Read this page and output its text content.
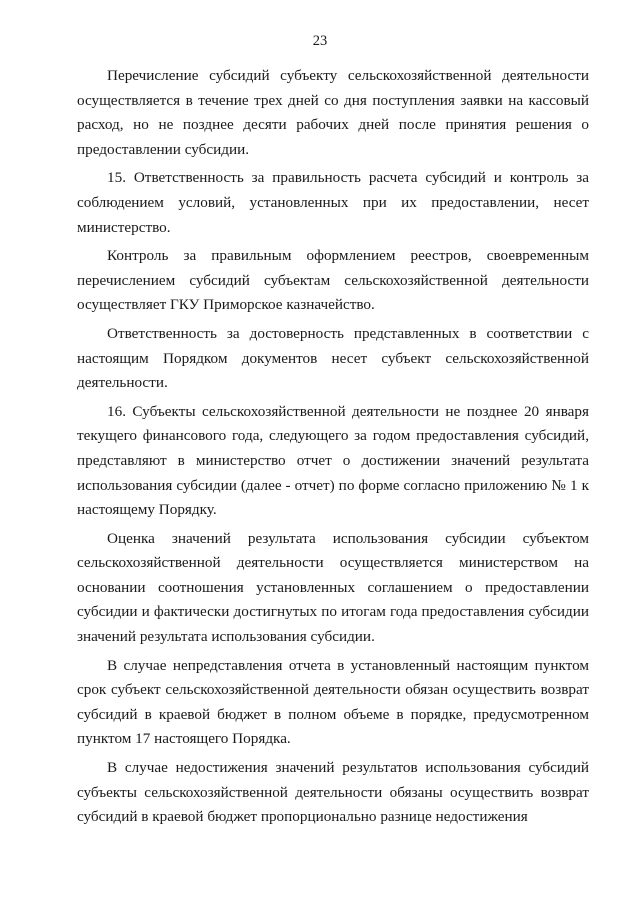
23

Перечисление субсидий субъекту сельскохозяйственной деятельности осуществляется в течение трех дней со дня поступления заявки на кассовый расход, но не позднее десяти рабочих дней после принятия решения о предоставлении субсидии.

15. Ответственность за правильность расчета субсидий и контроль за соблюдением условий, установленных при их предоставлении, несет министерство.

Контроль за правильным оформлением реестров, своевременным перечислением субсидий субъектам сельскохозяйственной деятельности осуществляет ГКУ Приморское казначейство.

Ответственность за достоверность представленных в соответствии с настоящим Порядком документов несет субъект сельскохозяйственной деятельности.

16. Субъекты сельскохозяйственной деятельности не позднее 20 января текущего финансового года, следующего за годом предоставления субсидий, представляют в министерство отчет о достижении значений результата использования субсидии (далее - отчет) по форме согласно приложению № 1 к настоящему Порядку.

Оценка значений результата использования субсидии субъектом сельскохозяйственной деятельности осуществляется министерством на основании соотношения установленных соглашением о предоставлении субсидии и фактически достигнутых по итогам года предоставления субсидии значений результата использования субсидии.

В случае непредставления отчета в установленный настоящим пунктом срок субъект сельскохозяйственной деятельности обязан осуществить возврат субсидий в краевой бюджет в полном объеме в порядке, предусмотренном пунктом 17 настоящего Порядка.

В случае недостижения значений результатов использования субсидий субъекты сельскохозяйственной деятельности обязаны осуществить возврат субсидий в краевой бюджет пропорционально разнице недостижения
